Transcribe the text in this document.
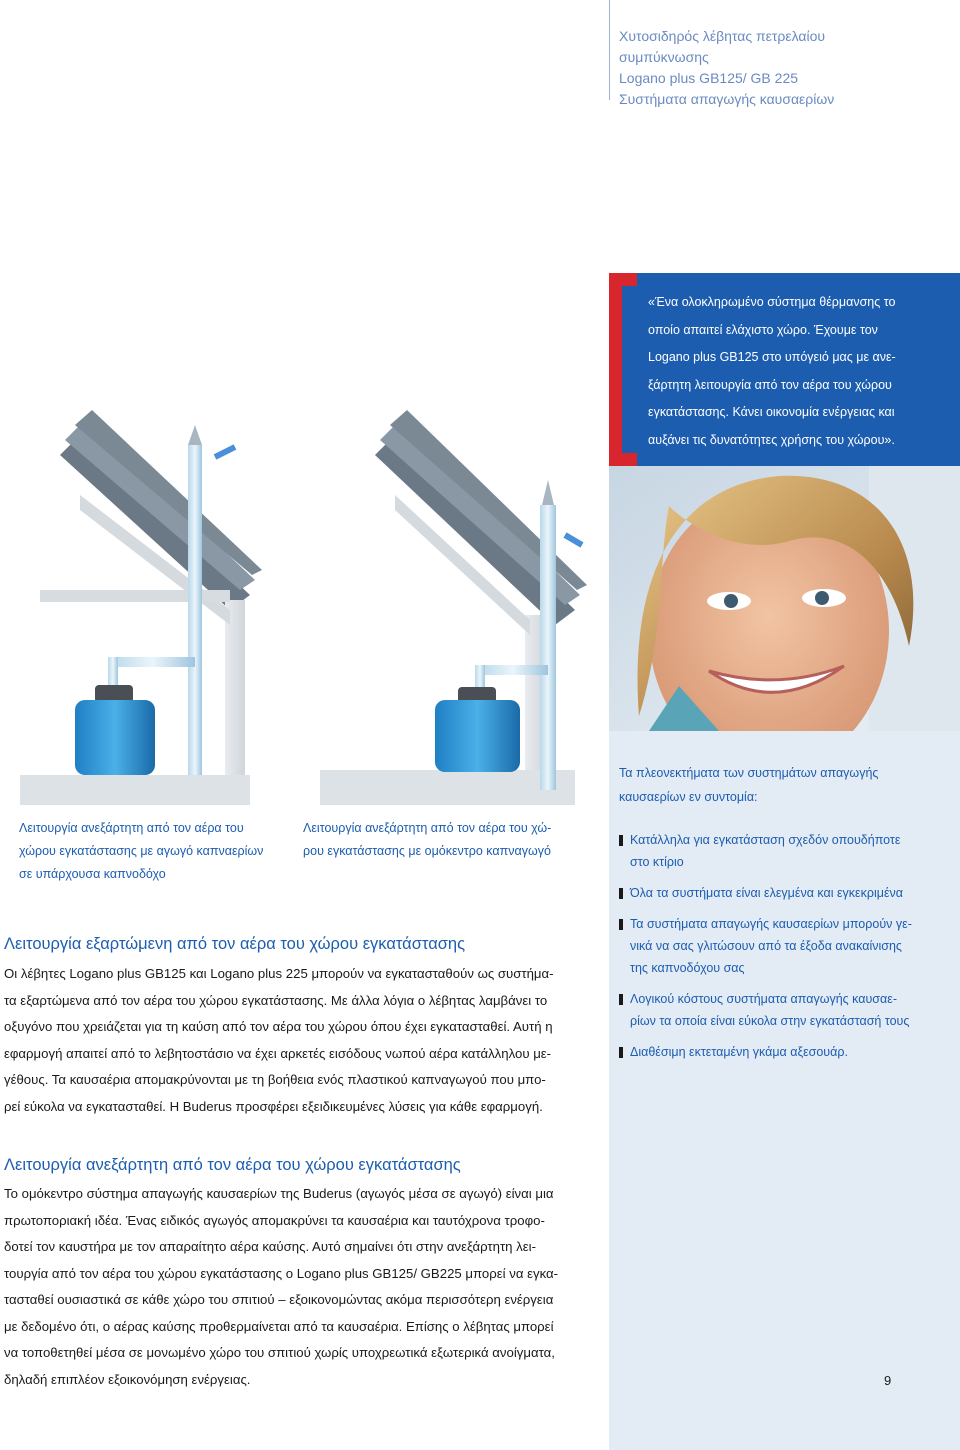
Χυτοσιδηρός λέβητας πετρελαίου
συμπύκνωσης
Logano plus GB125/ GB 225
Συστήματα απαγωγής καυσαερίων
«Ένα ολοκληρωμένο σύστημα θέρμανσης το
οποίο απαιτεί ελάχιστο χώρο. Έχουμε τον
Logano plus GB125 στο υπόγειό μας με ανε-
ξάρτητη λειτουργία από τον αέρα του χώρου
εγκατάστασης. Κάνει οικονομία ενέργειας και
αυξάνει τις δυνατότητες χρήσης του χώρου».
Λειτουργία ανεξάρτητη από τον αέρα του
χώρου εγκατάστασης με αγωγό καπναερίων
σε υπάρχουσα καπνοδόχο
Λειτουργία ανεξάρτητη από τον αέρα του χώ-
ρου εγκατάστασης με ομόκεντρο καπναγωγό
Λειτουργία εξαρτώμενη από τον αέρα του χώρου εγκατάστασης
Οι λέβητες Logano plus GB125 και Logano plus 225 μπορούν να εγκατασταθούν ως συστήμα-
τα εξαρτώμενα από τον αέρα του χώρου εγκατάστασης. Με άλλα λόγια ο λέβητας λαμβάνει το
οξυγόνο που χρειάζεται για τη καύση από τον αέρα του χώρου όπου έχει εγκατασταθεί. Αυτή η
εφαρμογή απαιτεί από το λεβητοστάσιο να έχει αρκετές εισόδους νωπού αέρα κατάλληλου με-
γέθους. Τα καυσαέρια απομακρύνονται με τη βοήθεια ενός πλαστικού καπναγωγού που μπο-
ρεί εύκολα να εγκατασταθεί. Η Buderus προσφέρει εξειδικευμένες λύσεις για κάθε εφαρμογή.
Λειτουργία ανεξάρτητη από τον αέρα του χώρου εγκατάστασης
Το ομόκεντρο σύστημα απαγωγής καυσαερίων της Buderus (αγωγός μέσα σε αγωγό) είναι μια
πρωτοποριακή ιδέα. Ένας ειδικός αγωγός απομακρύνει τα καυσαέρια και ταυτόχρονα τροφο-
δοτεί τον καυστήρα με τον απαραίτητο αέρα καύσης. Αυτό σημαίνει ότι στην ανεξάρτητη λει-
τουργία από τον αέρα του χώρου εγκατάστασης ο Logano plus GB125/ GB225 μπορεί να εγκα-
τασταθεί ουσιαστικά σε κάθε χώρο του σπιτιού – εξοικονομώντας ακόμα περισσότερη ενέργεια
με δεδομένο ότι, ο αέρας καύσης προθερμαίνεται από τα καυσαέρια. Επίσης ο λέβητας μπορεί
να τοποθετηθεί μέσα σε μονωμένο χώρο του σπιτιού χωρίς υποχρεωτικά εξωτερικά ανοίγματα,
δηλαδή επιπλέον εξοικονόμηση ενέργειας.
Τα πλεονεκτήματα των συστημάτων απαγωγής
καυσαερίων εν συντομία:
Κατάλληλα για εγκατάσταση σχεδόν οπουδήποτε
στο κτίριο
Όλα τα συστήματα είναι ελεγμένα και εγκεκριμένα
Τα συστήματα απαγωγής καυσαερίων μπορούν γε-
νικά να σας γλιτώσουν από τα έξοδα ανακαίνισης
της καπνοδόχου σας
Λογικού κόστους συστήματα απαγωγής καυσαε-
ρίων τα οποία είναι εύκολα στην εγκατάστασή τους
Διαθέσιμη εκτεταμένη γκάμα αξεσουάρ.
9
